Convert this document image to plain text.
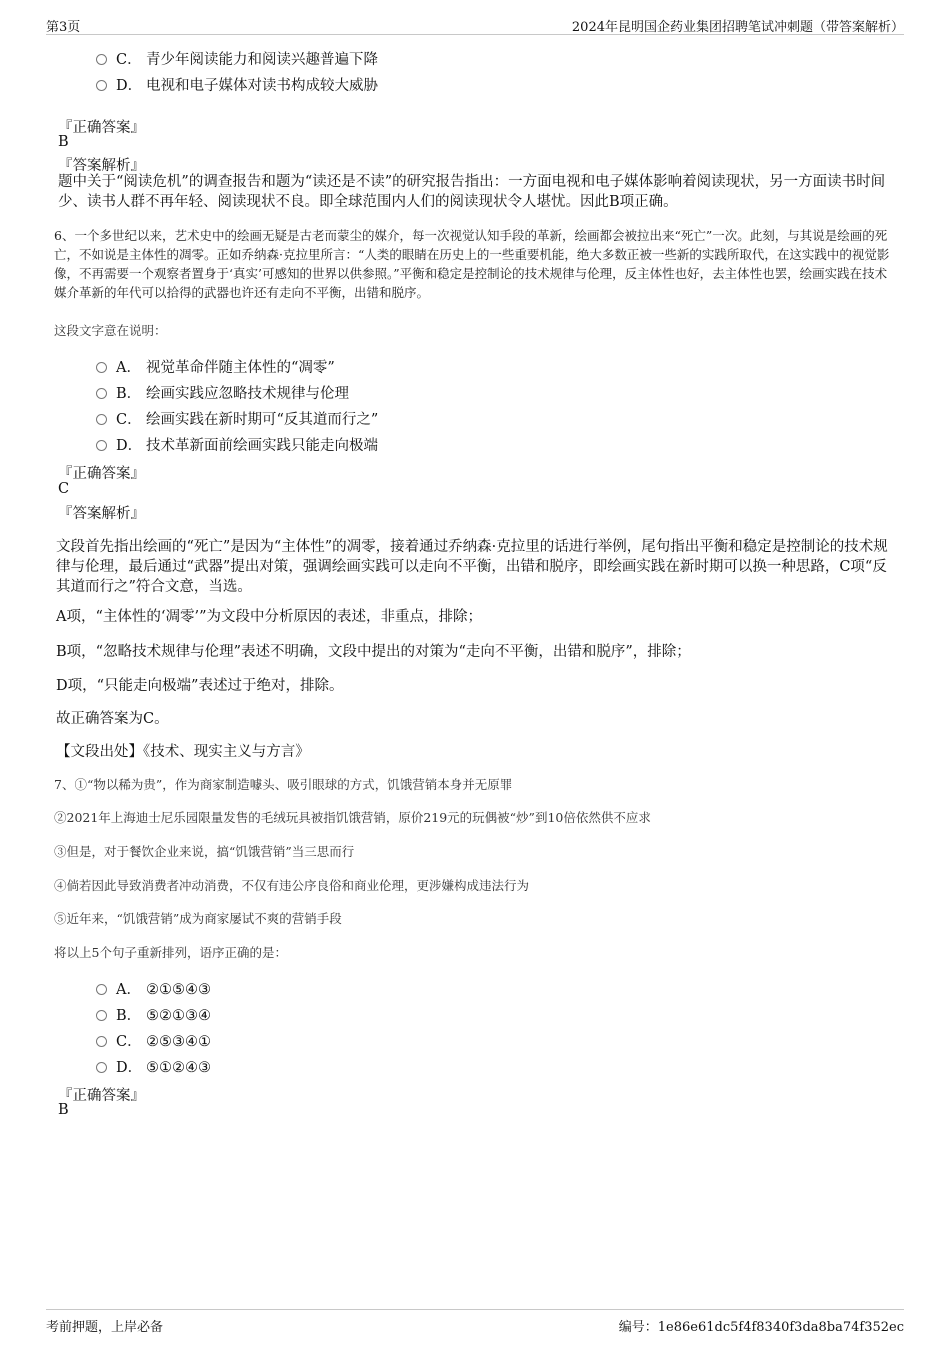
第3页	2024年昆明国企药业集团招聘笔试冲刺题（带答案解析）
C． 青少年阅读能力和阅读兴趣普遍下降
D． 电视和电子媒体对读书构成较大威胁
『正确答案』
B
『答案解析』
题中关于“阅读危机”的调查报告和题为“读还是不读”的研究报告指出：一方面电视和电子媒体影响着阅读现状，另一方面读书时间少、读书人群不再年轻、阅读现状不良。即全球范围内人们的阅读现状令人堪忧。因此B项正确。
6、一个多世纪以来，艺术史中的绘画无疑是古老而蒙尘的媒介，每一次视觉认知手段的革新，绘画都会被拉出来“死亡”一次。此刻，与其说是绘画的死亡，不如说是主体性的凋零。正如乔纳森·克拉里所言：“人类的眼睛在历史上的一些重要机能，绝大多数正被一些新的实践所取代，在这实践中的视觉影像，不再需要一个观察者置身于‘真实’可感知的世界以供参照。”平衡和稳定是控制论的技术规律与伦理，反主体性也好，去主体性也罢，绘画实践在技术媒介革新的年代可以拾得的武器也许还有走向不平衡，出错和脱序。
这段文字意在说明：
A． 视觉革命伴随主体性的“凋零”
B． 绘画实践应忽略技术规律与伦理
C． 绘画实践在新时期可“反其道而行之”
D． 技术革新面前绘画实践只能走向极端
『正确答案』
C
『答案解析』
文段首先指出绘画的“死亡”是因为“主体性”的凋零，接着通过乔纳森·克拉里的话进行举例，尾句指出平衡和稳定是控制论的技术规律与伦理，最后通过“武器”提出对策，强调绘画实践可以走向不平衡，出错和脱序，即绘画实践在新时期可以换一种思路，C项“反其道而行之”符合文意，当选。
A项，“主体性的‘凋零’”为文段中分析原因的表述，非重点，排除；
B项，“忽略技术规律与伦理”表述不明确，文段中提出的对策为“走向不平衡，出错和脱序”，排除；
D项，“只能走向极端”表述过于绝对，排除。
故正确答案为C。
【文段出处】《技术、现实主义与方言》
7、①“物以稀为贵”，作为商家制造噱头、吸引眼球的方式，饥饿营销本身并无原罪
②2021年上海迪士尼乐园限量发售的毛绒玩具被指饥饿营销，原价219元的玩偶被“炒”到10倍依然供不应求
③但是，对于餐饮企业来说，搞“饥饿营销”当三思而行
④倘若因此导致消费者冲动消费，不仅有违公序良俗和商业伦理，更涉嫌构成违法行为
⑤近年来，“饥饿营销”成为商家屡试不爽的营销手段
将以上5个句子重新排列，语序正确的是：
A． ②①⑤④③
B． ⑤②①③④
C． ②⑤③④①
D． ⑤①②④③
『正确答案』
B
考前押题，上岸必备	编号：1e86e61dc5f4f8340f3da8ba74f352ec
